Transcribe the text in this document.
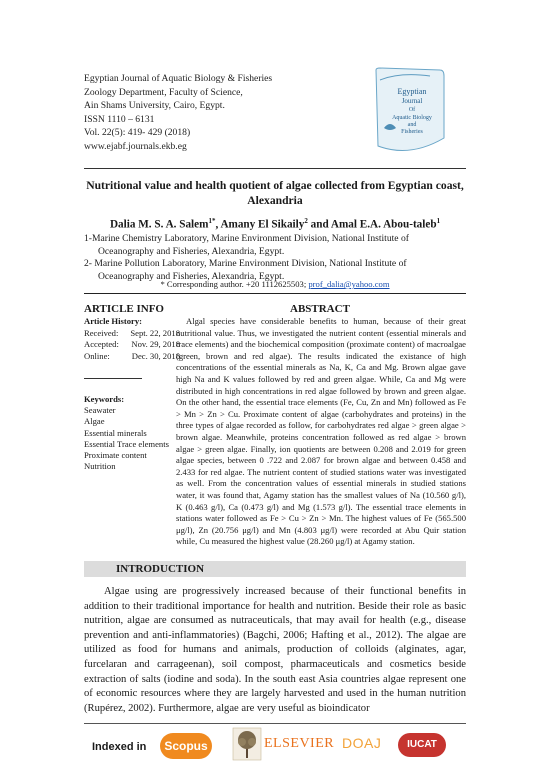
Egyptian Journal of Aquatic Biology & Fisheries
Zoology Department, Faculty of Science,
Ain Shams University, Cairo, Egypt.
ISSN 1110 – 6131
Vol. 22(5): 419- 429 (2018)
www.ejabf.journals.ekb.eg
Egyptian
Journal
Of
Aquatic Biology
and
Fisheries
Nutritional value and health quotient of algae collected from Egyptian coast, Alexandria
Dalia M. S. A. Salem$^{1*}$, Amany El Sikaily$^2$ and Amal E.A. Abou-taleb$^1$
1-Marine Chemistry Laboratory, Marine Environment Division, National Institute of
Oceanography and Fisheries, Alexandria, Egypt.
2- Marine Pollution Laboratory, Marine Environment Division, National Institute of
Oceanography and Fisheries, Alexandria, Egypt.
* Corresponding author. +20 1112625503; prof_dalia@yahoo.com
ARTICLE INFO	ABSTRACT
Article History:
Received: Sept. 22, 2018
Accepted: Nov. 29, 2018
Online:	Dec. 30, 2018
Keywords:
Seawater
Algae
Essential minerals
Essential Trace elements
Proximate content
Nutrition
Algal species have considerable benefits to human, because of their great nutritional value. Thus, we investigated the nutrient content (essential minerals and trace elements) and the biochemical composition (proximate content) of macroalgae (green, brown and red algae). The results indicated the existance of high concentrations of the essential minerals as Na, K, Ca and Mg. Brown algae gave high Na and K values followed by red and green algae. While, Ca and Mg were distributed in high concentrations in red algae followed by brown and green algae. On the other hand, the essential trace elements (Fe, Cu, Zn and Mn) followed as Fe > Mn > Zn > Cu. Proximate content of algae (carbohydrates and proteins) in the three types of algae recorded as follow, for carbohydrates red algae > green algae > brown algae. Meanwhile, proteins concentration followed as red algae > brown algae > green algae. Finally, ion quotients are between 0.208 and 2.019 for green algae species, between 0 .722 and 2.087 for brown algae and between 0.458 and 2.433 for red algae. The nutrient content of studied stations water was investigated as well. From the concentration values of essential minerals in studied stations water, it was found that, Agamy station has the smallest values of Na (10.560 g/l), K (0.463 g/l), Ca (0.473 g/l) and Mg (1.573 g/l). The essential trace elements in stations water followed as Fe > Cu > Zn > Mn. The highest values of Fe (565.500 μg/l), Zn (20.756 μg/l) and Mn (4.803 μg/l) were recorded at Abu Quir station while, Cu measured the highest value (28.260 μg/l) at Agamy station.
INTRODUCTION
Algae using are progressively increased because of their functional benefits in addition to their traditional importance for health and nutrition. Beside their role as basic nutrition, algae are consumed as nutraceuticals, that may avail for health (e.g., disease prevention and anti-inflammatories) (Bagchi, 2006; Hafting et al., 2012). The algae are utilized as food for humans and animals, production of colloids (alginates, agar, furcelaran and carrageenan), soil compost, pharmaceuticals and cosmetics beside extraction of salts (iodine and soda). In the south east Asia countries algae represent one of economic resources where they are largely harvested and used in the human nutrition (Rupérez, 2002). Furthermore, algae are very useful as bioindicator
Indexed in	Scopus	ELSEVIER DOAJ	IUCAT
